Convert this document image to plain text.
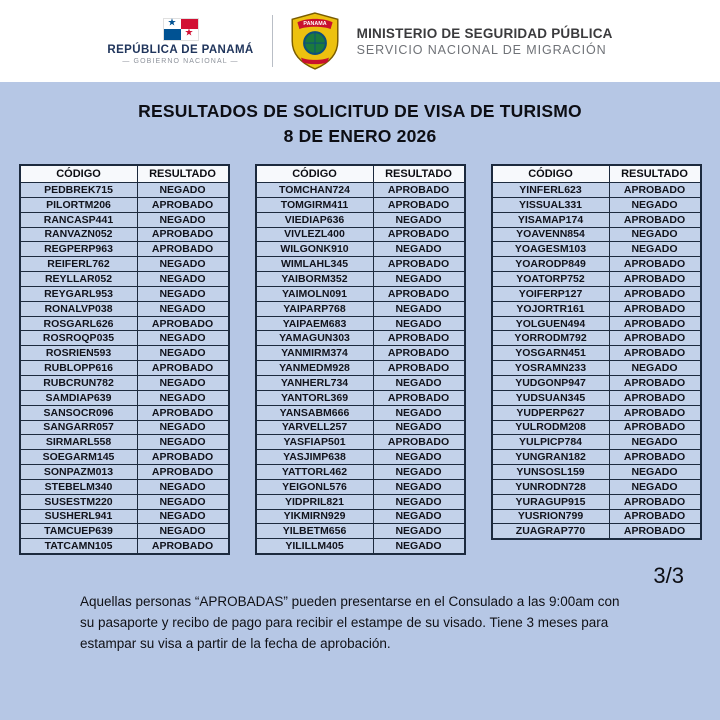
★
★
REPÚBLICA DE PANAMÁ
— GOBIERNO NACIONAL —
PANAMA
MINISTERIO DE SEGURIDAD PÚBLICA
SERVICIO NACIONAL DE MIGRACIÓN
RESULTADOS DE SOLICITUD DE VISA DE TURISMO
8 DE ENERO 2026
CÓDIGO	RESULTADO
PEDBREK715	NEGADO
PILORTM206	APROBADO
RANCASP441	NEGADO
RANVAZN052	APROBADO
REGPERP963	APROBADO
REIFERL762	NEGADO
REYLLAR052	NEGADO
REYGARL953	NEGADO
RONALVP038	NEGADO
ROSGARL626	APROBADO
ROSROQP035	NEGADO
ROSRIEN593	NEGADO
RUBLOPP616	APROBADO
RUBCRUN782	NEGADO
SAMDIAP639	NEGADO
SANSOCR096	APROBADO
SANGARR057	NEGADO
SIRMARL558	NEGADO
SOEGARM145	APROBADO
SONPAZM013	APROBADO
STEBELM340	NEGADO
SUSESTM220	NEGADO
SUSHERL941	NEGADO
TAMCUEP639	NEGADO
TATCAMN105	APROBADO
CÓDIGO	RESULTADO
TOMCHAN724	APROBADO
TOMGIRM411	APROBADO
VIEDIAP636	NEGADO
VIVLEZL400	APROBADO
WILGONK910	NEGADO
WIMLAHL345	APROBADO
YAIBORM352	NEGADO
YAIMOLN091	APROBADO
YAIPARP768	NEGADO
YAIPAEM683	NEGADO
YAMAGUN303	APROBADO
YANMIRM374	APROBADO
YANMEDM928	APROBADO
YANHERL734	NEGADO
YANTORL369	APROBADO
YANSABM666	NEGADO
YARVELL257	NEGADO
YASFIAP501	APROBADO
YASJIMP638	NEGADO
YATTORL462	NEGADO
YEIGONL576	NEGADO
YIDPRIL821	NEGADO
YIKMIRN929	NEGADO
YILBETM656	NEGADO
YILILLM405	NEGADO
CÓDIGO	RESULTADO
YINFERL623	APROBADO
YISSUAL331	NEGADO
YISAMAP174	APROBADO
YOAVENN854	NEGADO
YOAGESM103	NEGADO
YOARODP849	APROBADO
YOATORP752	APROBADO
YOIFERP127	APROBADO
YOJORTR161	APROBADO
YOLGUEN494	APROBADO
YORRODM792	APROBADO
YOSGARN451	APROBADO
YOSRAMN233	NEGADO
YUDGONP947	APROBADO
YUDSUAN345	APROBADO
YUDPERP627	APROBADO
YULRODM208	APROBADO
YULPICP784	NEGADO
YUNGRAN182	APROBADO
YUNSOSL159	NEGADO
YUNRODN728	NEGADO
YURAGUP915	APROBADO
YUSRION799	APROBADO
ZUAGRAP770	APROBADO
3/3
Aquellas personas “APROBADAS” pueden presentarse en el Consulado a las 9:00am con su pasaporte y recibo de pago para recibir el estampe de su visado. Tiene 3 meses para estampar su visa a partir de la fecha de aprobación.
